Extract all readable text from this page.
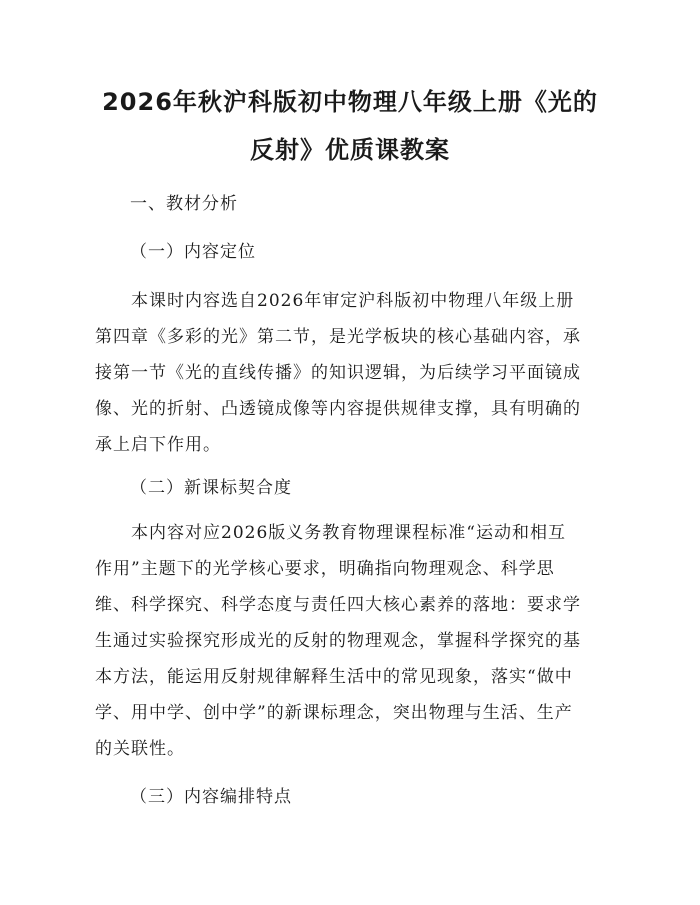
2026年秋沪科版初中物理八年级上册《光的
反射》优质课教案
一、教材分析
（一）内容定位
本课时内容选自2026年审定沪科版初中物理八年级上册
第四章《多彩的光》第二节，是光学板块的核心基础内容，承
接第一节《光的直线传播》的知识逻辑，为后续学习平面镜成
像、光的折射、凸透镜成像等内容提供规律支撑，具有明确的
承上启下作用。
（二）新课标契合度
本内容对应2026版义务教育物理课程标准“运动和相互
作用”主题下的光学核心要求，明确指向物理观念、科学思
维、科学探究、科学态度与责任四大核心素养的落地：要求学
生通过实验探究形成光的反射的物理观念，掌握科学探究的基
本方法，能运用反射规律解释生活中的常见现象，落实“做中
学、用中学、创中学”的新课标理念，突出物理与生活、生产
的关联性。
（三）内容编排特点
